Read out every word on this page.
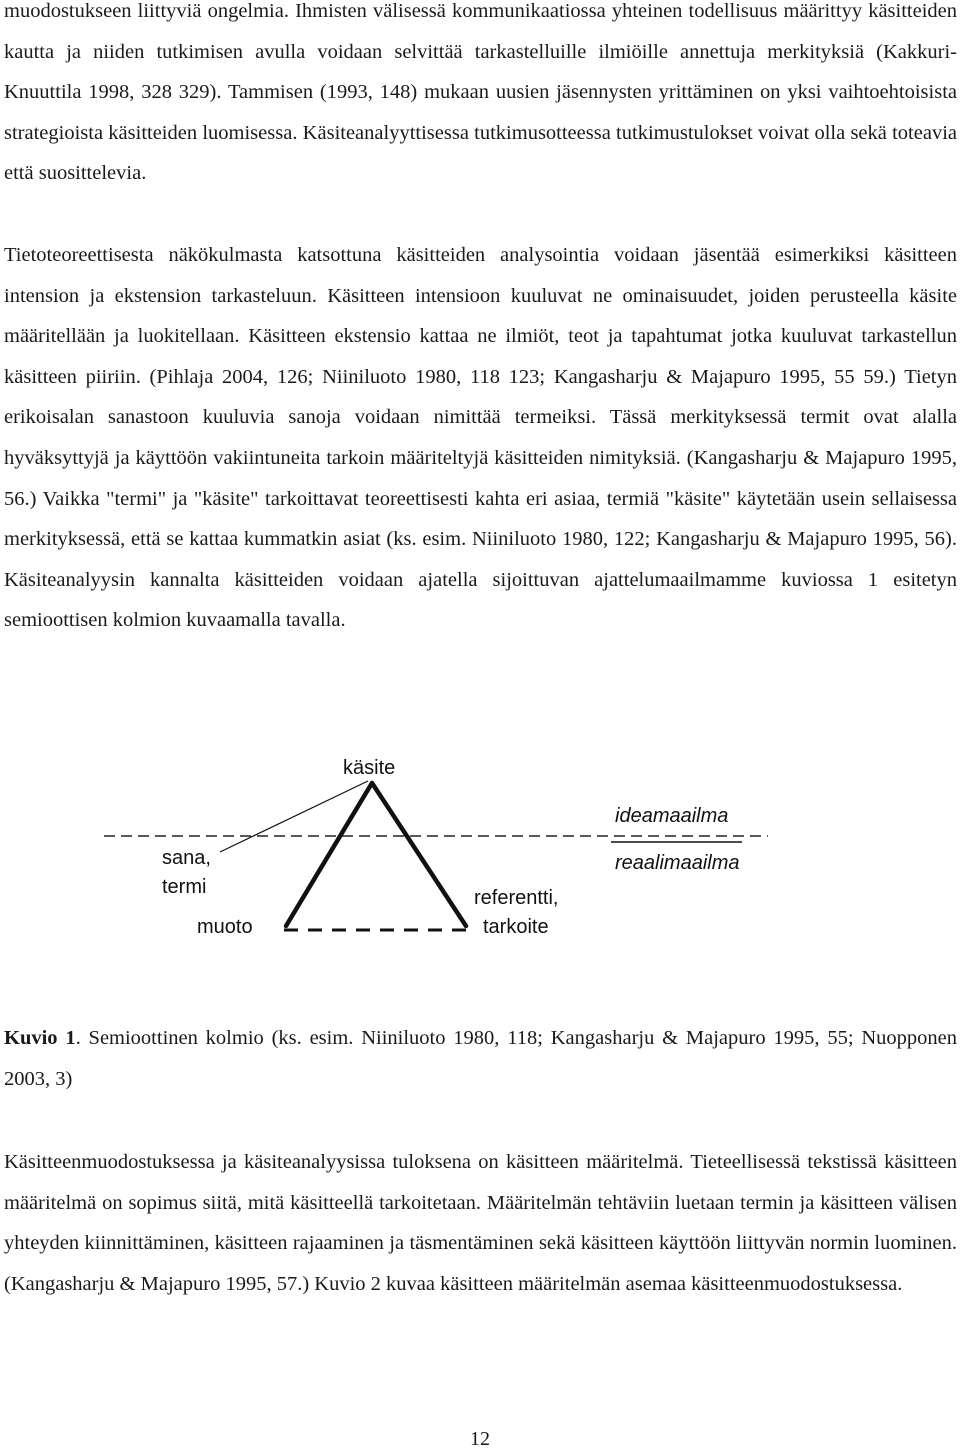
muodostukseen liittyviä ongelmia. Ihmisten välisessä kommunikaatiossa yhteinen todellisuus määrittyy käsitteiden kautta ja niiden tutkimisen avulla voidaan selvittää tarkastelluille ilmiöille annettuja merkityksiä (Kakkuri-Knuuttila 1998, 328 329). Tammisen (1993, 148) mukaan uusien jäsennysten yrittäminen on yksi vaihtoehtoisista strategioista käsitteiden luomisessa. Käsiteanalyyttisessa tutkimusotteessa tutkimustulokset voivat olla sekä toteavia että suosittelevia.

Tietoteoreettisesta näkökulmasta katsottuna käsitteiden analysointia voidaan jäsentää esimerkiksi käsitteen intension ja ekstension tarkasteluun. Käsitteen intensioon kuuluvat ne ominaisuudet, joiden perusteella käsite määritellään ja luokitellaan. Käsitteen ekstensio kattaa ne ilmiöt, teot ja tapahtumat jotka kuuluvat tarkastellun käsitteen piiriin. (Pihlaja 2004, 126; Niiniluoto 1980, 118 123; Kangasharju & Majapuro 1995, 55 59.) Tietyn erikoisalan sanastoon kuuluvia sanoja voidaan nimittää termeiksi. Tässä merkityksessä termit ovat alalla hyväksyttyjä ja käyttöön vakiintuneita tarkoin määriteltyjä käsitteiden nimityksiä. (Kangasharju & Majapuro 1995, 56.) Vaikka "termi" ja "käsite" tarkoittavat teoreettisesti kahta eri asiaa, termiä "käsite" käytetään usein sellaisessa merkityksessä, että se kattaa kummatkin asiat (ks. esim. Niiniluoto 1980, 122; Kangasharju & Majapuro 1995, 56). Käsiteanalyysin kannalta käsitteiden voidaan ajatella sijoittuvan ajattelumaailmamme kuviossa 1 esitetyn semioottisen kolmion kuvaamalla tavalla.

käsite
ideamaailma
reaalimaailma
sana,
termi
muoto
referentti,
tarkoite

Kuvio 1. Semioottinen kolmio (ks. esim. Niiniluoto 1980, 118; Kangasharju & Majapuro 1995, 55; Nuopponen 2003, 3)

Käsitteenmuodostuksessa ja käsiteanalyysissa tuloksena on käsitteen määritelmä. Tieteellisessä tekstissä käsitteen määritelmä on sopimus siitä, mitä käsitteellä tarkoitetaan. Määritelmän tehtäviin luetaan termin ja käsitteen välisen yhteyden kiinnittäminen, käsitteen rajaaminen ja täsmentäminen sekä käsitteen käyttöön liittyvän normin luominen. (Kangasharju & Majapuro 1995, 57.) Kuvio 2 kuvaa käsitteen määritelmän asemaa käsitteenmuodostuksessa.

12
